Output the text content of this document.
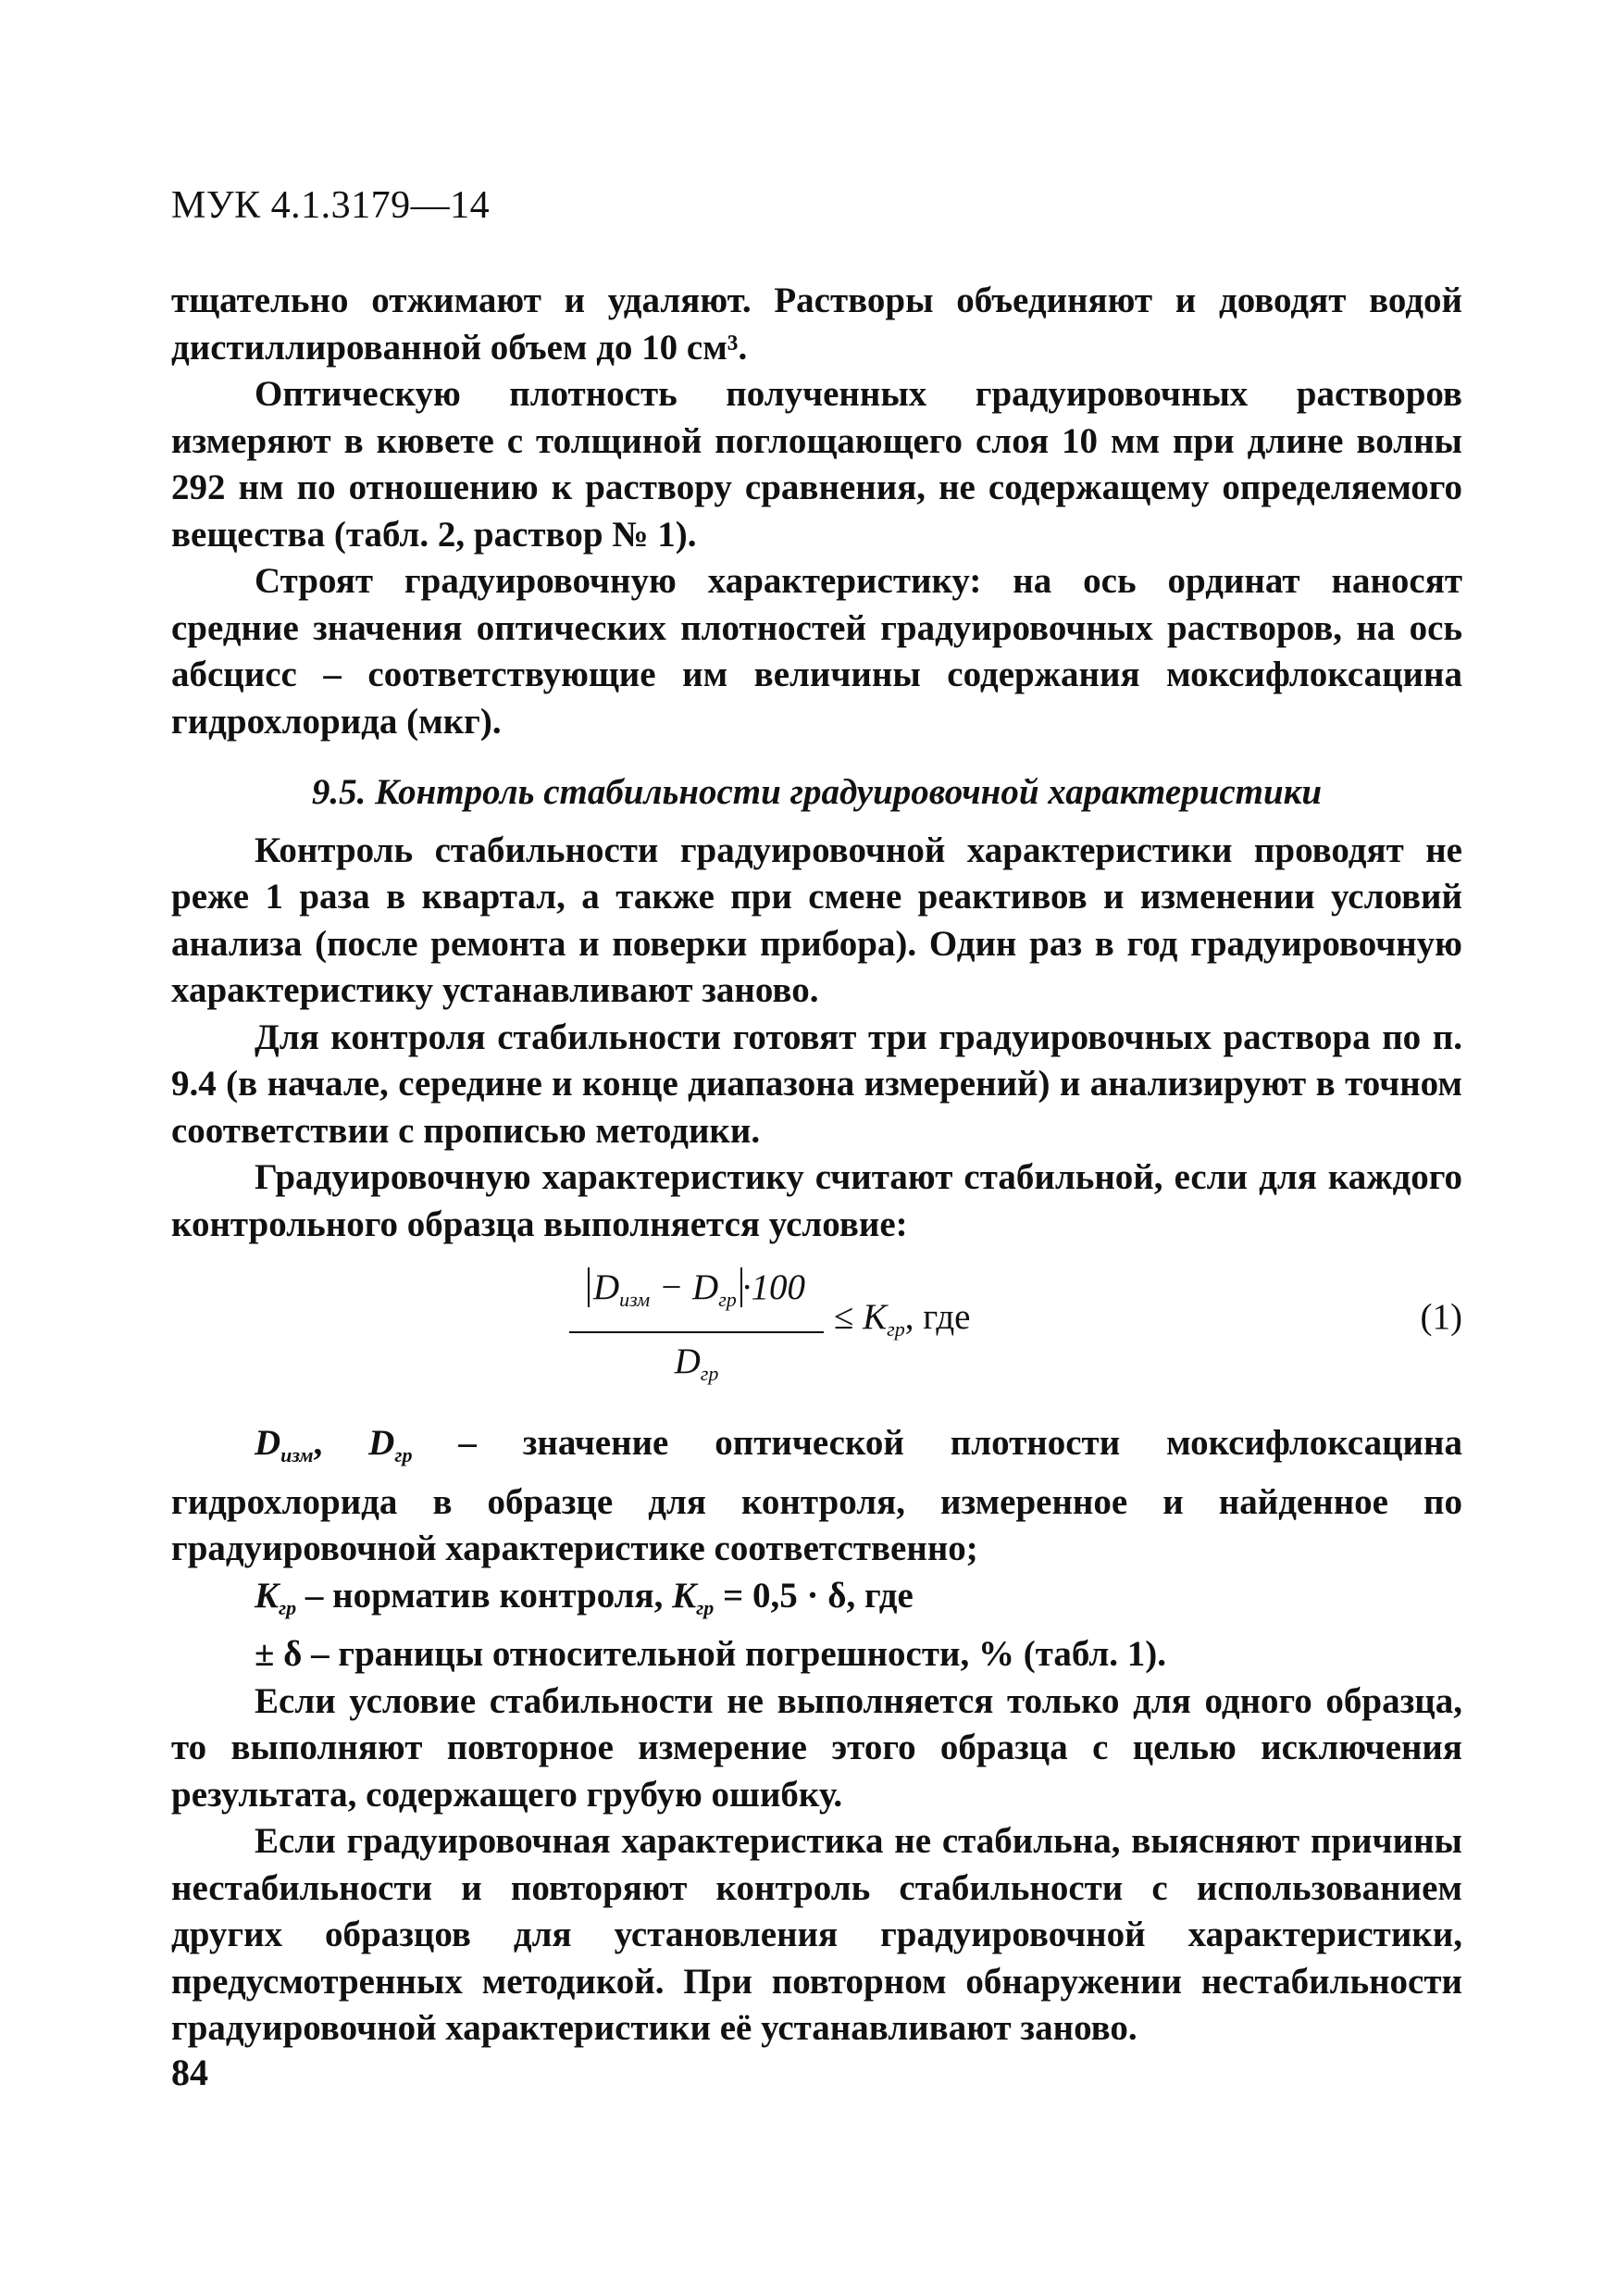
МУК 4.1.3179—14

тщательно отжимают и удаляют. Растворы объединяют и доводят водой дистиллированной объем до 10 см³.

Оптическую плотность полученных градуировочных растворов измеряют в кювете с толщиной поглощающего слоя 10 мм при длине волны 292 нм по отношению к раствору сравнения, не содержащему определяемого вещества (табл. 2, раствор № 1).

Строят градуировочную характеристику: на ось ординат наносят средние значения оптических плотностей градуировочных растворов, на ось абсцисс – соответствующие им величины содержания моксифлоксацина гидрохлорида (мкг).

9.5. Контроль стабильности градуировочной характеристики

Контроль стабильности градуировочной характеристики проводят не реже 1 раза в квартал, а также при смене реактивов и изменении условий анализа (после ремонта и поверки прибора). Один раз в год градуировочную характеристику устанавливают заново.

Для контроля стабильности готовят три градуировочных раствора по п. 9.4 (в начале, середине и конце диапазона измерений) и анализируют в точном соответствии с прописью методики.

Градуировочную характеристику считают стабильной, если для каждого контрольного образца выполняется условие:

$D_{изм} - D_{гр} \cdot 100$
$D_{гр}$
≤ $K_{гр}$, где	(1)

$D_{изм}$, $D_{гр}$ – значение оптической плотности моксифлоксацина гидрохлорида в образце для контроля, измеренное и найденное по градуировочной характеристике соответственно;

$K_{гр}$ – норматив контроля, $K_{гр} = 0,5 \cdot \delta$, где

± δ – границы относительной погрешности, % (табл. 1).

Если условие стабильности не выполняется только для одного образца, то выполняют повторное измерение этого образца с целью исключения результата, содержащего грубую ошибку.

Если градуировочная характеристика не стабильна, выясняют причины нестабильности и повторяют контроль стабильности с использованием других образцов для установления градуировочной характеристики, предусмотренных методикой. При повторном обнаружении нестабильности градуировочной характеристики её устанавливают заново.

84
